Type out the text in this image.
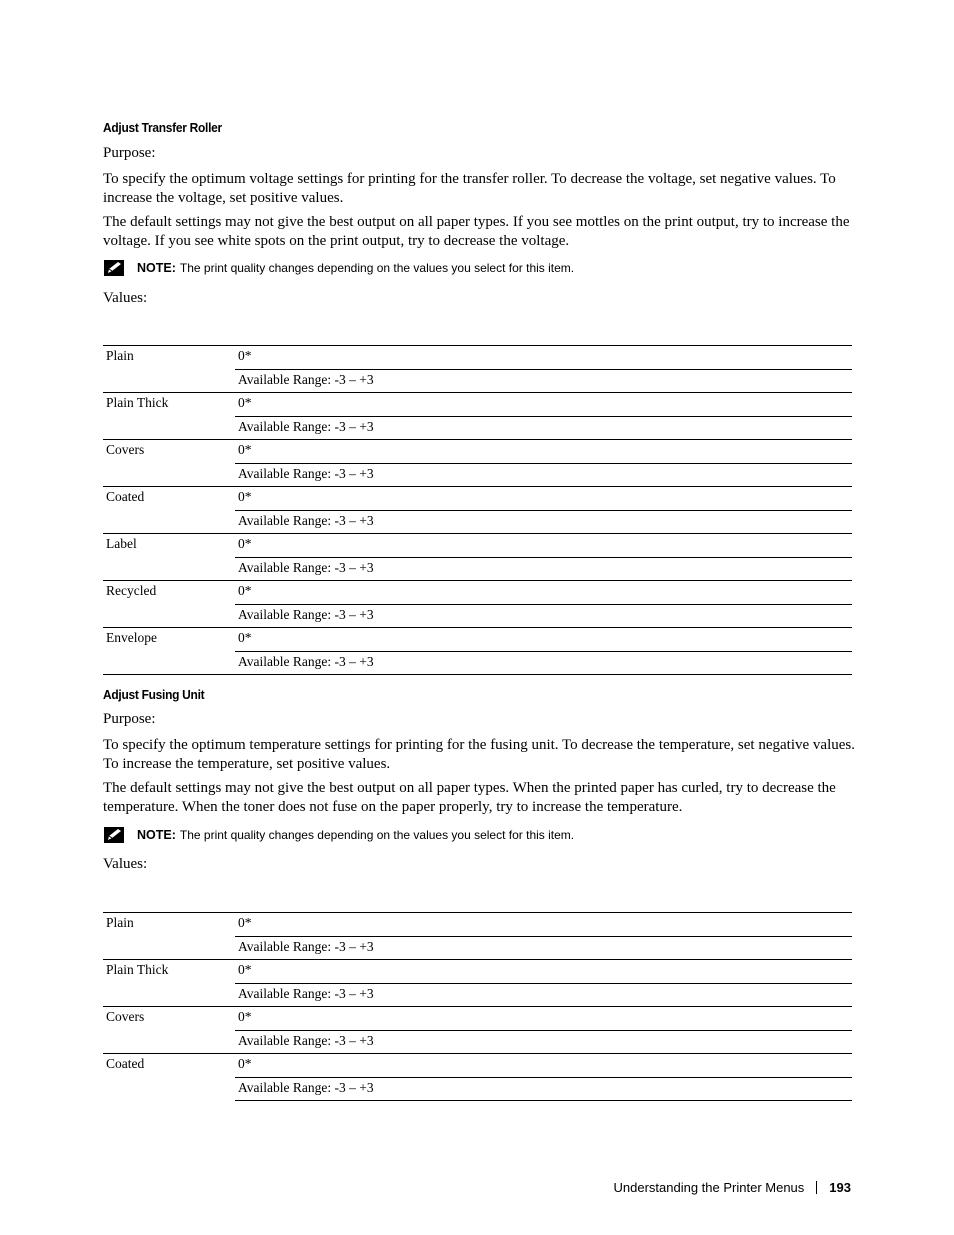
Adjust Transfer Roller
Purpose:
To specify the optimum voltage settings for printing for the transfer roller. To decrease the voltage, set negative values. To increase the voltage, set positive values.
The default settings may not give the best output on all paper types. If you see mottles on the print output, try to increase the voltage. If you see white spots on the print output, try to decrease the voltage.
NOTE: The print quality changes depending on the values you select for this item.
Values:
Plain	0*
	Available Range: -3 – +3
Plain Thick	0*
	Available Range: -3 – +3
Covers	0*
	Available Range: -3 – +3
Coated	0*
	Available Range: -3 – +3
Label	0*
	Available Range: -3 – +3
Recycled	0*
	Available Range: -3 – +3
Envelope	0*
	Available Range: -3 – +3
Adjust Fusing Unit
Purpose:
To specify the optimum temperature settings for printing for the fusing unit. To decrease the temperature, set negative values. To increase the temperature, set positive values.
The default settings may not give the best output on all paper types. When the printed paper has curled, try to decrease the temperature. When the toner does not fuse on the paper properly, try to increase the temperature.
NOTE: The print quality changes depending on the values you select for this item.
Values:
Plain	0*
	Available Range: -3 – +3
Plain Thick	0*
	Available Range: -3 – +3
Covers	0*
	Available Range: -3 – +3
Coated	0*
	Available Range: -3 – +3
Understanding the Printer Menus 193
